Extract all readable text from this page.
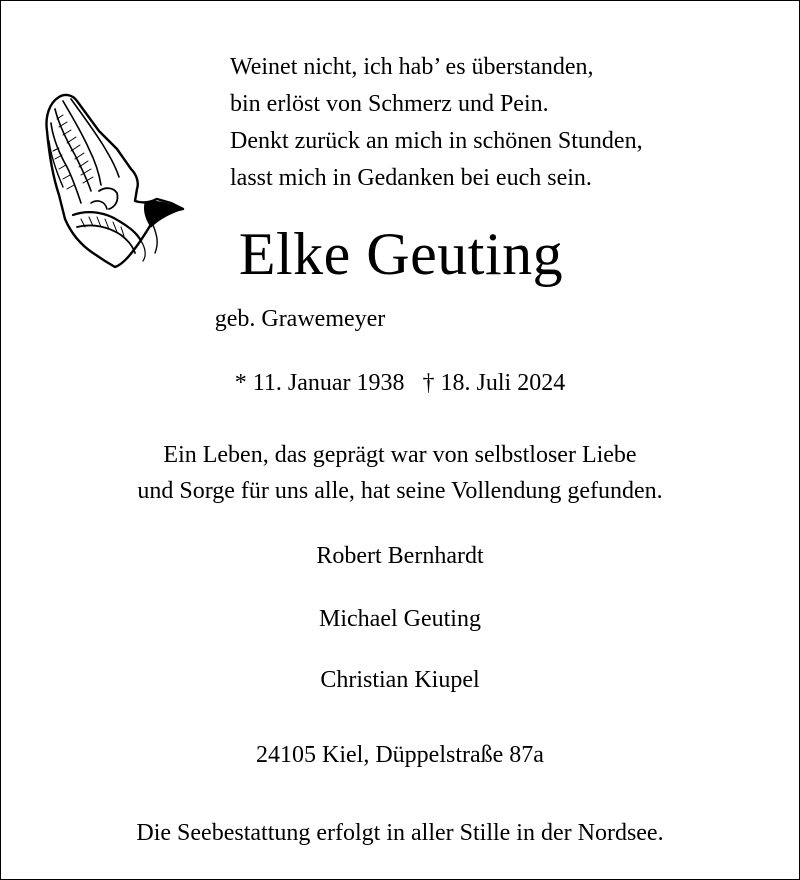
Weinet nicht, ich hab’ es überstanden,
bin erlöst von Schmerz und Pein.
Denkt zurück an mich in schönen Stunden,
lasst mich in Gedanken bei euch sein.
Elke Geuting
geb. Grawemeyer
* 11. Januar 1938 † 18. Juli 2024
Ein Leben, das geprägt war von selbstloser Liebe
und Sorge für uns alle, hat seine Vollendung gefunden.
Robert Bernhardt
Michael Geuting
Christian Kiupel
24105 Kiel, Düppelstraße 87a
Die Seebestattung erfolgt in aller Stille in der Nordsee.
